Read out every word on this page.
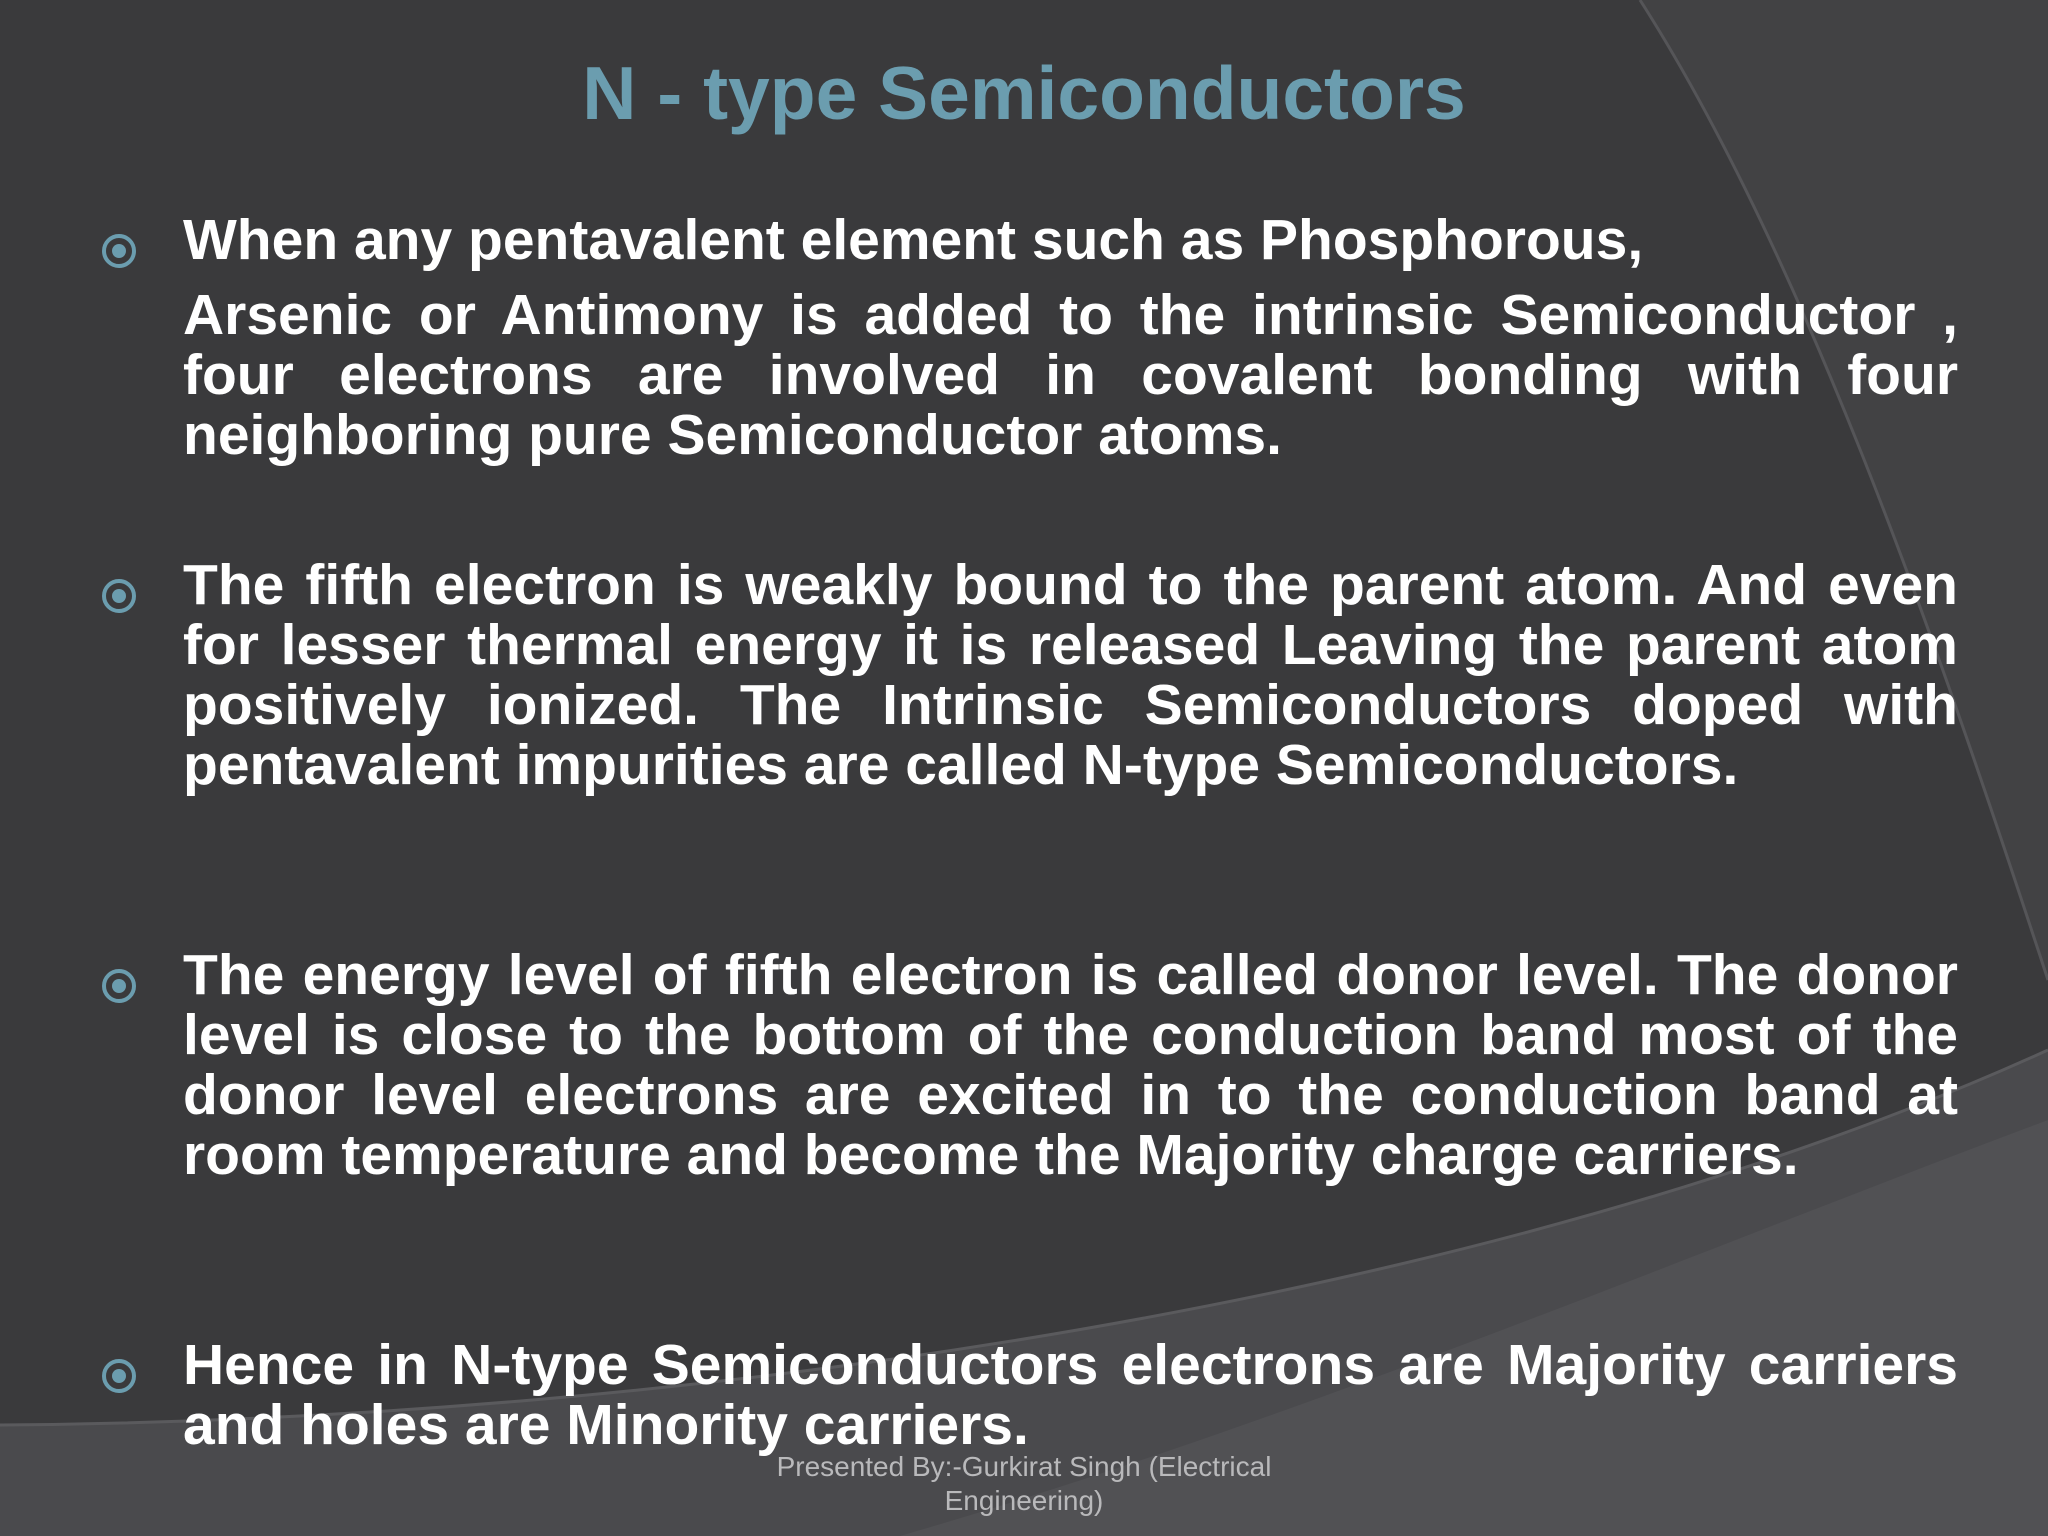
N - type Semiconductors

When any pentavalent element such as Phosphorous,
Arsenic or Antimony is added to the intrinsic Semiconductor , four electrons are involved in covalent bonding with four neighboring pure Semiconductor atoms.

The fifth electron is weakly bound to the parent atom. And even for lesser thermal energy it is released Leaving the parent atom positively ionized. The Intrinsic Semiconductors doped with pentavalent impurities are called N-type Semiconductors.

The energy level of fifth electron is called donor level. The donor level is close to the bottom of the conduction band most of the donor level electrons are excited in to the conduction band at room temperature and become the Majority charge carriers.

Hence in N-type Semiconductors electrons are Majority carriers and holes are Minority carriers.

Presented By:-Gurkirat Singh (Electrical Engineering)
